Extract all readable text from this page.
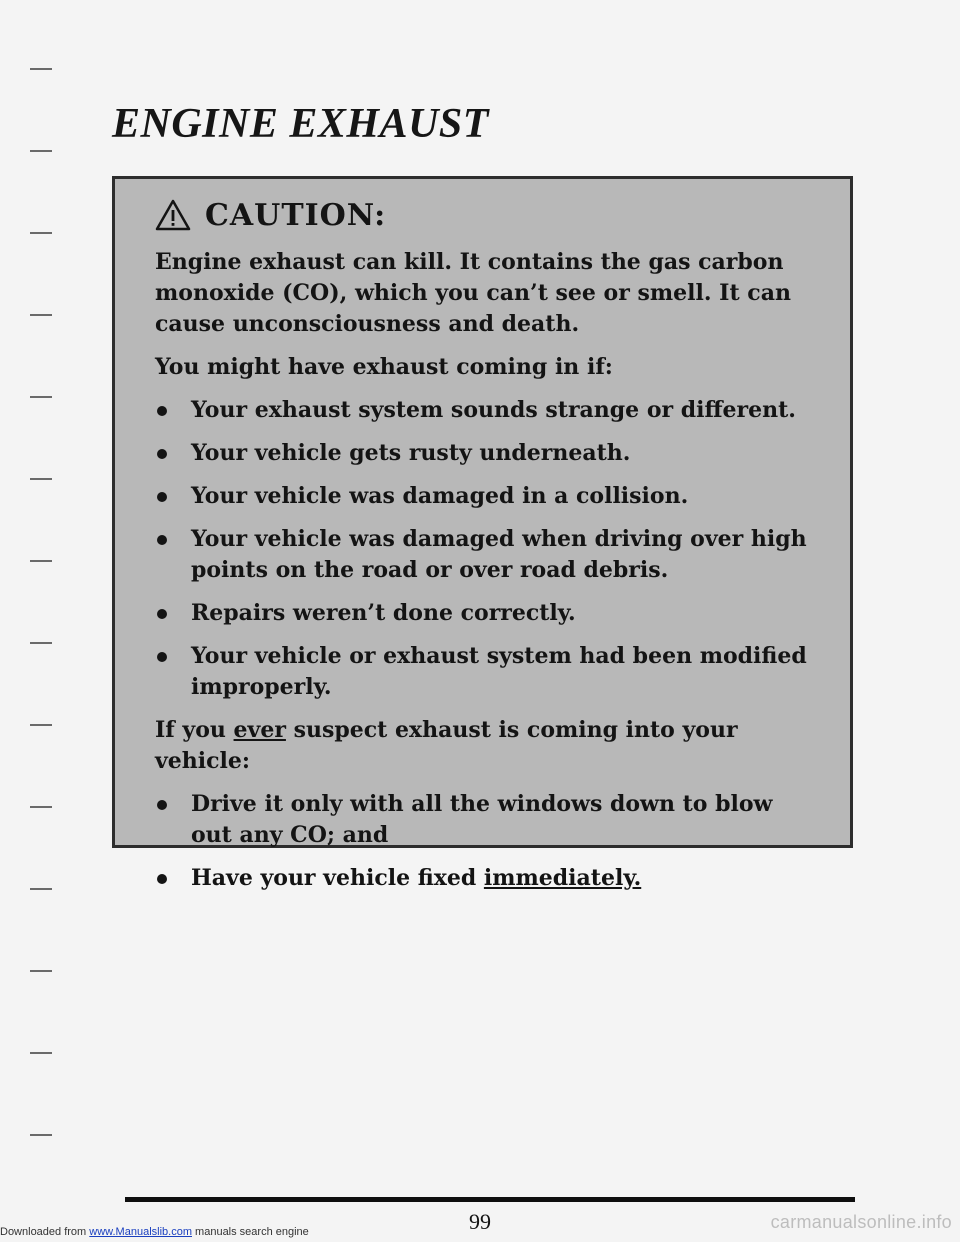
ENGINE EXHAUST
CAUTION:

Engine exhaust can kill. It contains the gas carbon monoxide (CO), which you can’t see or smell. It can cause unconsciousness and death.

You might have exhaust coming in if:

Your exhaust system sounds strange or different.
Your vehicle gets rusty underneath.
Your vehicle was damaged in a collision.
Your vehicle was damaged when driving over high points on the road or over road debris.
Repairs weren’t done correctly.
Your vehicle or exhaust system had been modified improperly.

If you ever suspect exhaust is coming into your vehicle:

Drive it only with all the windows down to blow out any CO; and
Have your vehicle fixed immediately.
99
Downloaded from www.Manualslib.com manuals search engine	carmanualsonline.info
